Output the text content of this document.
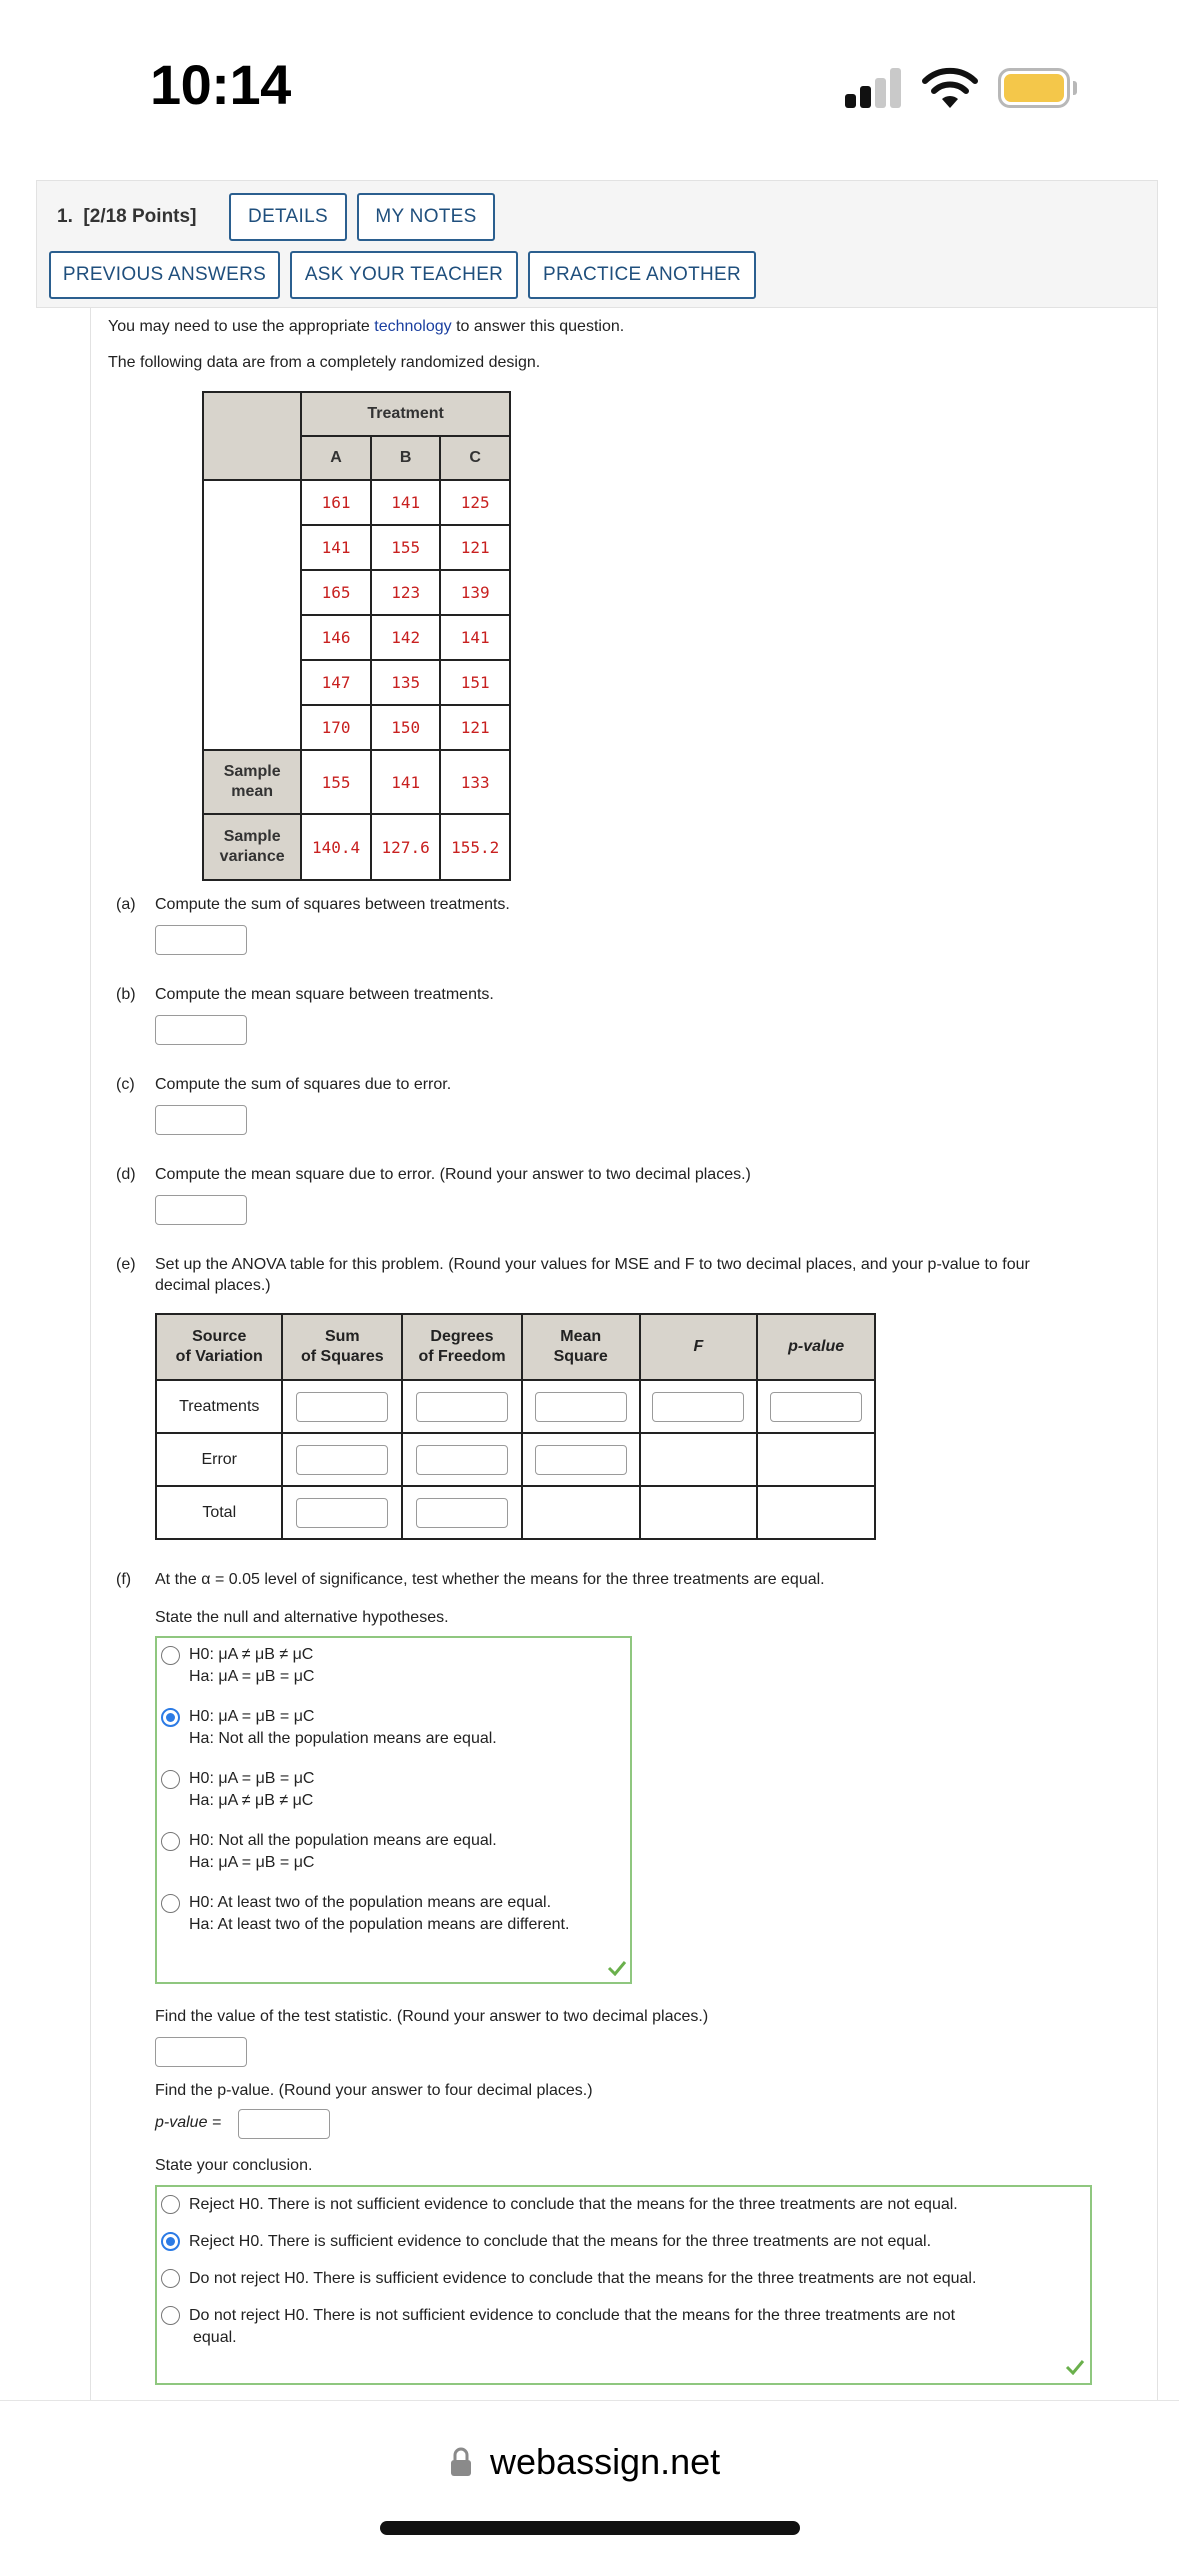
10:14
1. [2/18 Points]	DETAILS	MY NOTES
PREVIOUS ANSWERS	ASK YOUR TEACHER	PRACTICE ANOTHER
You may need to use the appropriate technology to answer this question.
The following data are from a completely randomized design.
	Treatment		
	A	B	C
	161	141	125
	141	155	121
	165	123	139
	146	142	141
	147	135	151
	170	150	121
Sample
mean	155	141	133
Sample
variance	140.4	127.6	155.2
(a) Compute the sum of squares between treatments.
(b) Compute the mean square between treatments.
(c) Compute the sum of squares due to error.
(d) Compute the mean square due to error. (Round your answer to two decimal places.)
(e) Set up the ANOVA table for this problem. (Round your values for MSE and F to two decimal places, and your p-value to four
decimal places.)
Source
of Variation	Sum
of Squares	Degrees
of Freedom	Mean
Square	F	p-value
Treatments					
Error					
Total					
(f) At the α = 0.05 level of significance, test whether the means for the three treatments are equal.
State the null and alternative hypotheses.
H0: μA ≠ μB ≠ μC
Ha: μA = μB = μC
H0: μA = μB = μC
Ha: Not all the population means are equal.
H0: μA = μB = μC
Ha: μA ≠ μB ≠ μC
H0: Not all the population means are equal.
Ha: μA = μB = μC
H0: At least two of the population means are equal.
Ha: At least two of the population means are different.
Find the value of the test statistic. (Round your answer to two decimal places.)
Find the p-value. (Round your answer to four decimal places.)
p-value =
State your conclusion.
Reject H0. There is not sufficient evidence to conclude that the means for the three treatments are not equal.
Reject H0. There is sufficient evidence to conclude that the means for the three treatments are not equal.
Do not reject H0. There is sufficient evidence to conclude that the means for the three treatments are not equal.
Do not reject H0. There is not sufficient evidence to conclude that the means for the three treatments are not
equal.
webassign.net
